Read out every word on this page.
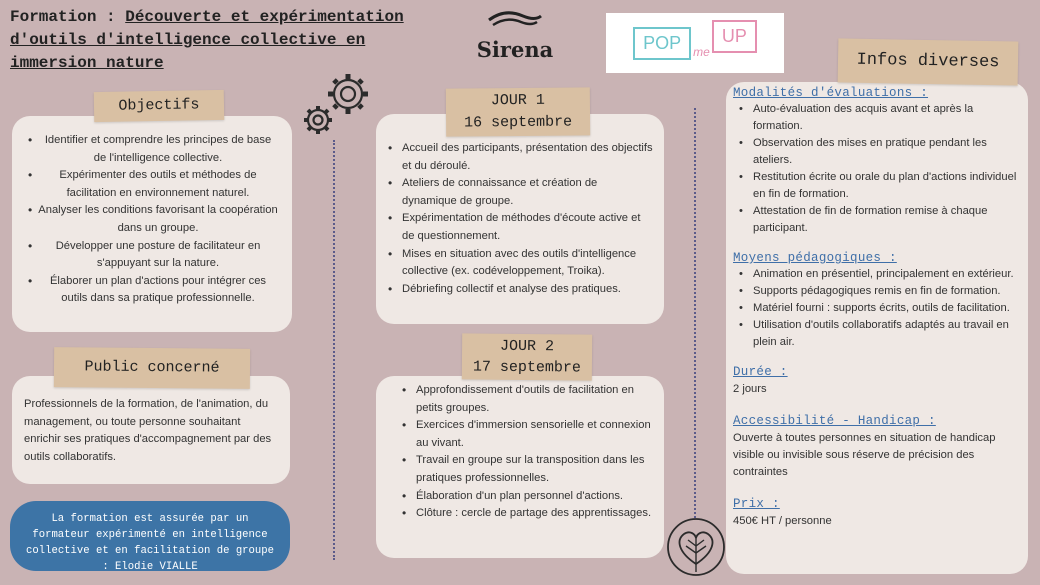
Formation : Découverte et expérimentation
d'outils d'intelligence collective en
immersion nature
Sirena	POP	me
UP
• Identifier et comprendre les principes de base de l'intelligence collective.
• Expérimenter des outils et méthodes de facilitation en environnement naturel.
• Analyser les conditions favorisant la coopération dans un groupe.
• Développer une posture de facilitateur en s'appuyant sur la nature.
• Élaborer un plan d'actions pour intégrer ces outils dans sa pratique professionnelle.
Objectifs
Professionnels de la formation, de l'animation, du management, ou toute personne souhaitant enrichir ses pratiques d'accompagnement par des outils collaboratifs.
Public concerné
La formation est assurée par un formateur expérimenté en intelligence collective et en facilitation de groupe : Elodie VIALLE
• Accueil des participants, présentation des objectifs et du déroulé.
• Ateliers de connaissance et création de dynamique de groupe.
• Expérimentation de méthodes d'écoute active et de questionnement.
• Mises en situation avec des outils d'intelligence collective (ex. codéveloppement, Troika).
• Débriefing collectif et analyse des pratiques.
JOUR 1
16 septembre
• Approfondissement d'outils de facilitation en petits groupes.
• Exercices d'immersion sensorielle et connexion au vivant.
• Travail en groupe sur la transposition dans les pratiques professionnelles.
• Élaboration d'un plan personnel d'actions.
• Clôture : cercle de partage des apprentissages.
JOUR 2
17 septembre
Infos diverses
Modalités d'évaluations :
• Auto-évaluation des acquis avant et après la formation.
• Observation des mises en pratique pendant les ateliers.
• Restitution écrite ou orale du plan d'actions individuel en fin de formation.
• Attestation de fin de formation remise à chaque participant.
Moyens pédagogiques :
• Animation en présentiel, principalement en extérieur.
• Supports pédagogiques remis en fin de formation.
• Matériel fourni : supports écrits, outils de facilitation.
• Utilisation d'outils collaboratifs adaptés au travail en plein air.
Durée :
2 jours
Accessibilité - Handicap :
Ouverte à toutes personnes en situation de handicap visible ou invisible sous réserve de précision des contraintes
Prix :
450€ HT / personne
